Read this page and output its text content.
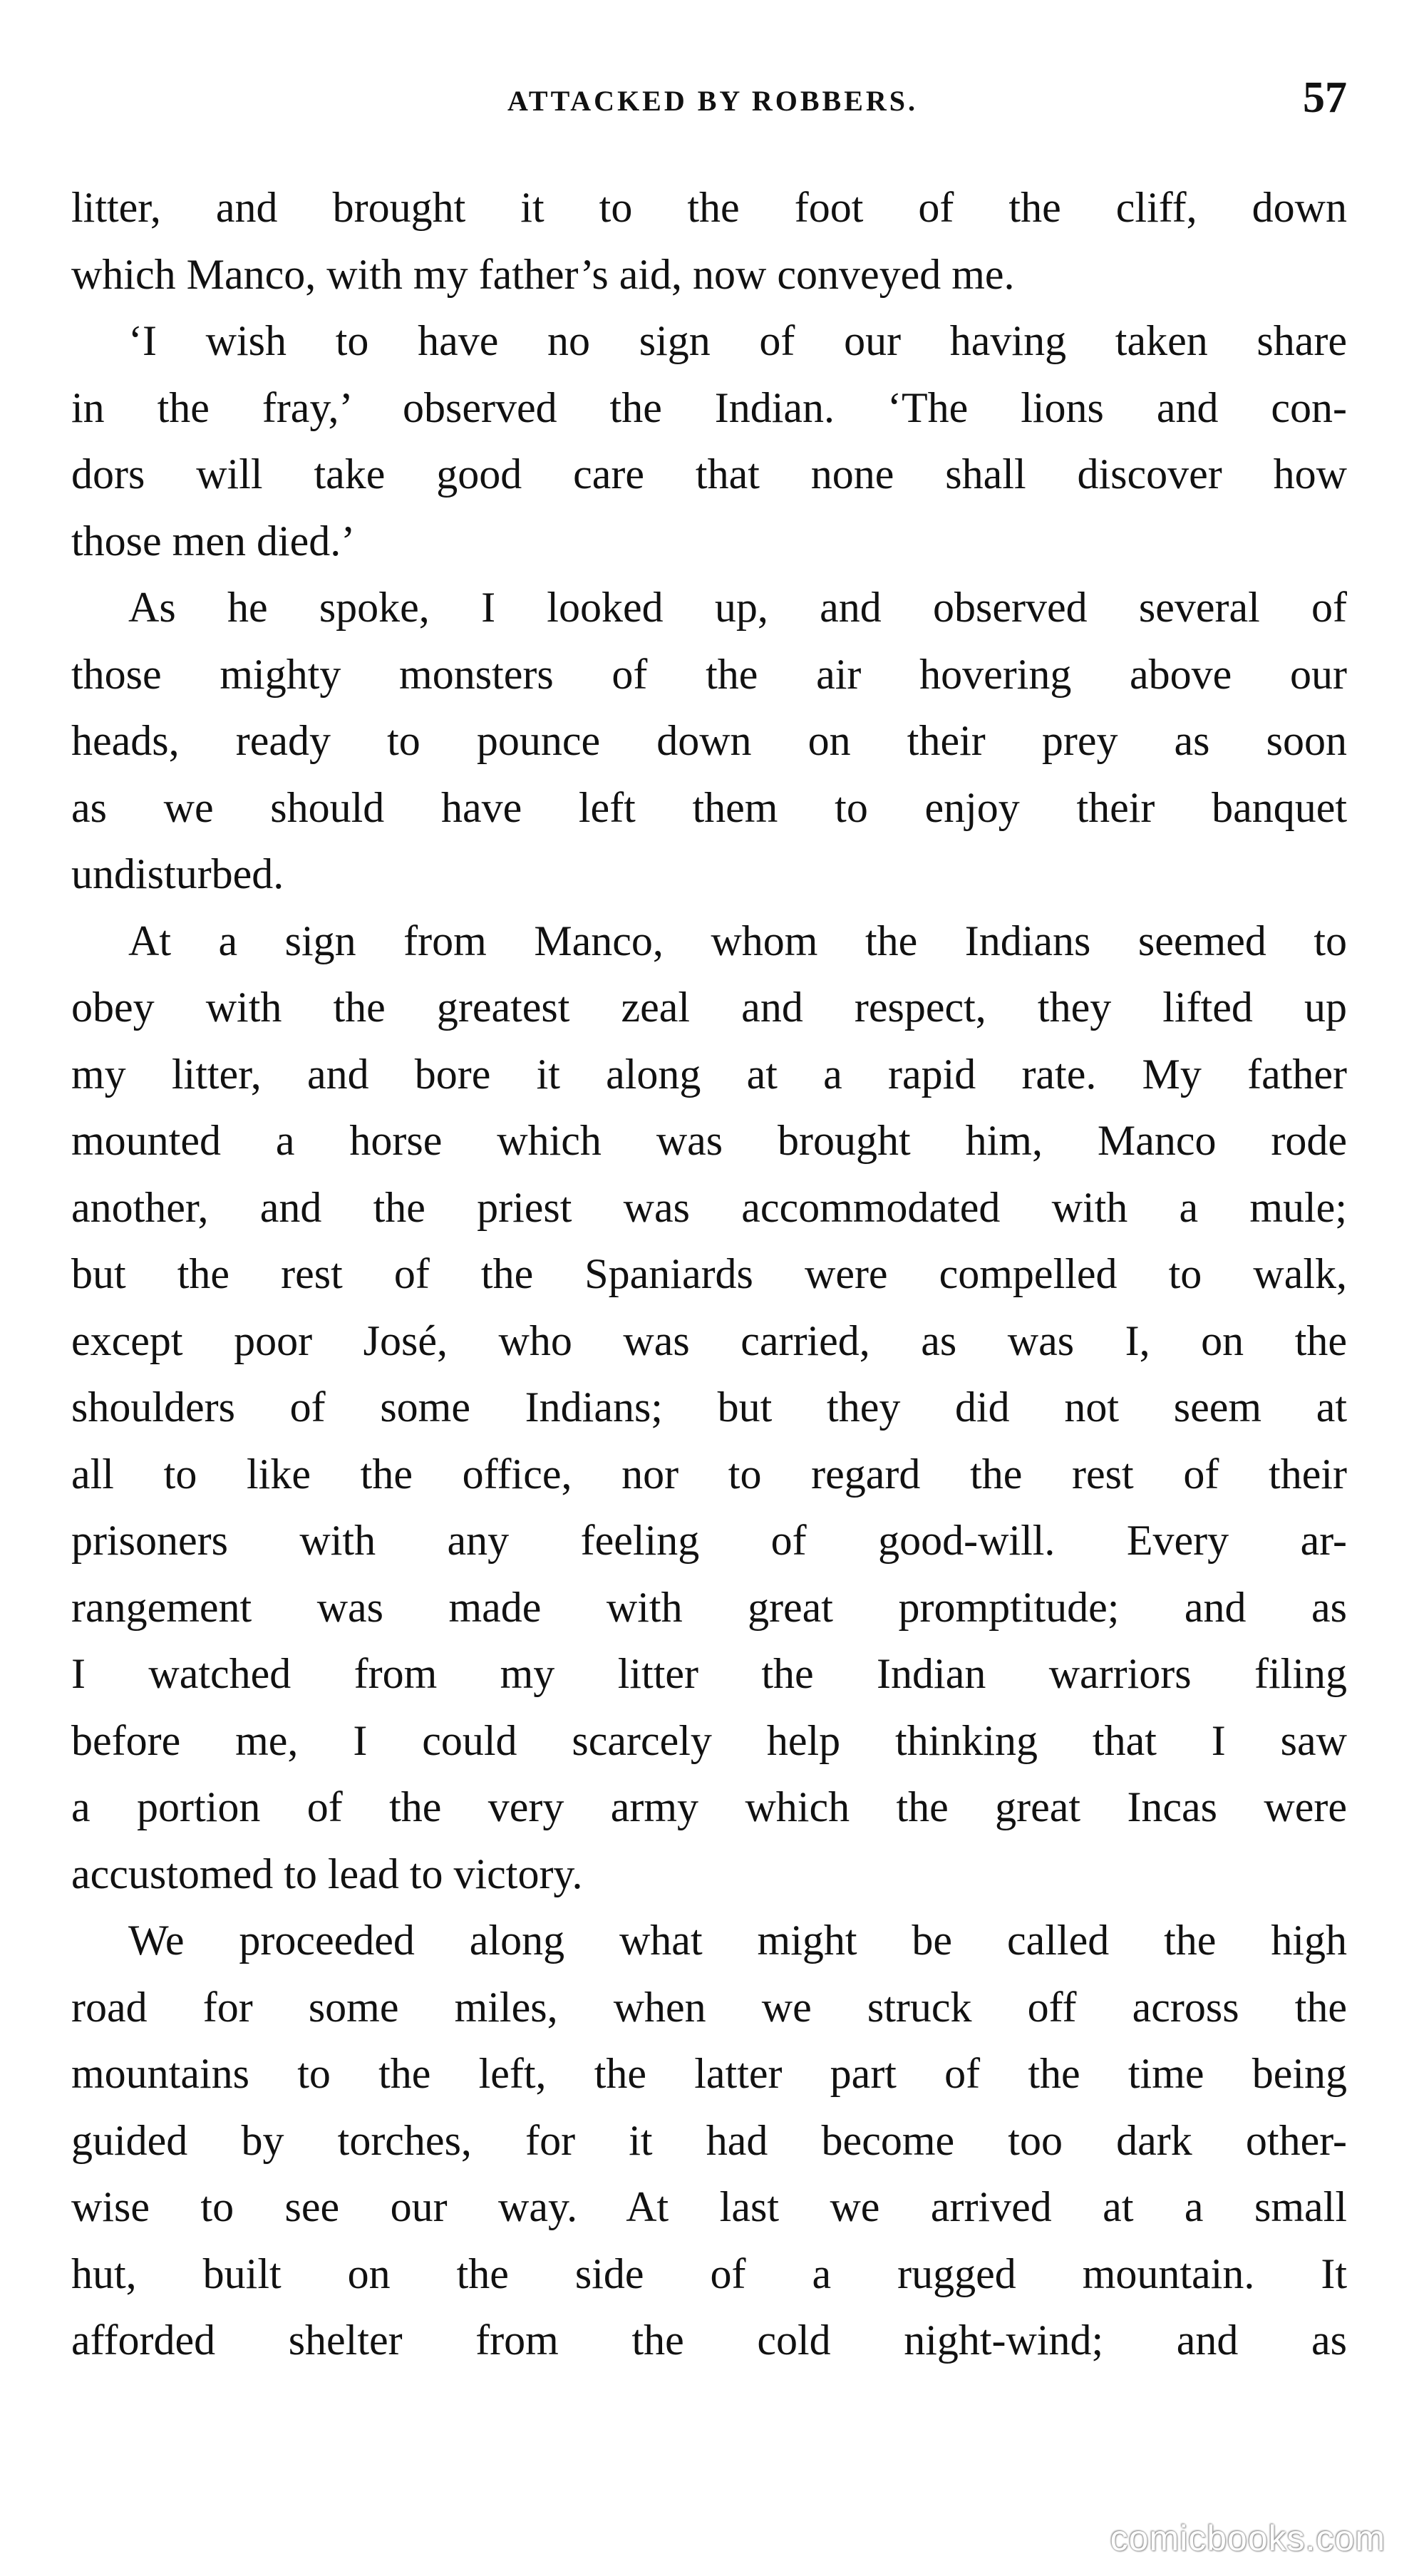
ATTACKED BY ROBBERS.	57
litter, and brought it to the foot of the cliff, down
which Manco, with my father’s aid, now conveyed me.
‘I wish to have no sign of our having taken share
in the fray,’ observed the Indian. ‘The lions and con-
dors will take good care that none shall discover how
those men died.’
As he spoke, I looked up, and observed several of
those mighty monsters of the air hovering above our
heads, ready to pounce down on their prey as soon
as we should have left them to enjoy their banquet
undisturbed.
At a sign from Manco, whom the Indians seemed to
obey with the greatest zeal and respect, they lifted up
my litter, and bore it along at a rapid rate. My father
mounted a horse which was brought him, Manco rode
another, and the priest was accommodated with a mule;
but the rest of the Spaniards were compelled to walk,
except poor José, who was carried, as was I, on the
shoulders of some Indians; but they did not seem at
all to like the office, nor to regard the rest of their
prisoners with any feeling of good-will. Every ar-
rangement was made with great promptitude; and as
I watched from my litter the Indian warriors filing
before me, I could scarcely help thinking that I saw
a portion of the very army which the great Incas were
accustomed to lead to victory.
We proceeded along what might be called the high
road for some miles, when we struck off across the
mountains to the left, the latter part of the time being
guided by torches, for it had become too dark other-
wise to see our way. At last we arrived at a small
hut, built on the side of a rugged mountain. It
afforded shelter from the cold night-wind; and as
comicbooks.com
